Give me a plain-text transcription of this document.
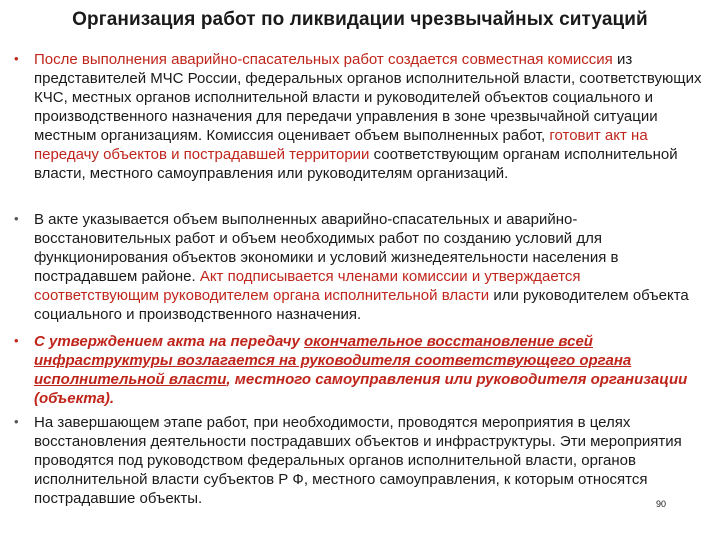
Организация работ по ликвидации чрезвычайных ситуаций
• После выполнения аварийно-спасательных работ создается совместная комиссия из представителей МЧС России, федеральных органов исполнительной власти, соответствующих КЧС, местных органов исполнительной власти и руководителей объектов социального и производственного назначения для передачи управления в зоне чрезвычайной ситуации местным организациям. Комиссия оценивает объем выполненных работ, готовит акт на передачу объектов и пострадавшей территории соответствующим органам исполнительной власти, местного самоуправления или руководителям организаций.
• В акте указывается объем выполненных аварийно-спасательных и аварийно-восстановительных работ и объем необходимых работ по созданию условий для функционирования объектов экономики и условий жизнедеятельности населения в пострадавшем районе. Акт подписывается членами комиссии и утверждается соответствующим руководителем органа исполнительной власти или руководителем объекта социального и производственного назначения.
• С утверждением акта на передачу окончательное восстановление всей инфраструктуры возлагается на руководителя соответствующего органа исполнительной власти, местного самоуправления или руководителя организации (объекта).
• На завершающем этапе работ, при необходимости, проводятся мероприятия в целях восстановления деятельности пострадавших объектов и инфраструктуры. Эти мероприятия проводятся под руководством федеральных органов исполнительной власти, органов исполнительной власти субъектов Р Ф, местного самоуправления, к которым относятся пострадавшие объекты.	90
